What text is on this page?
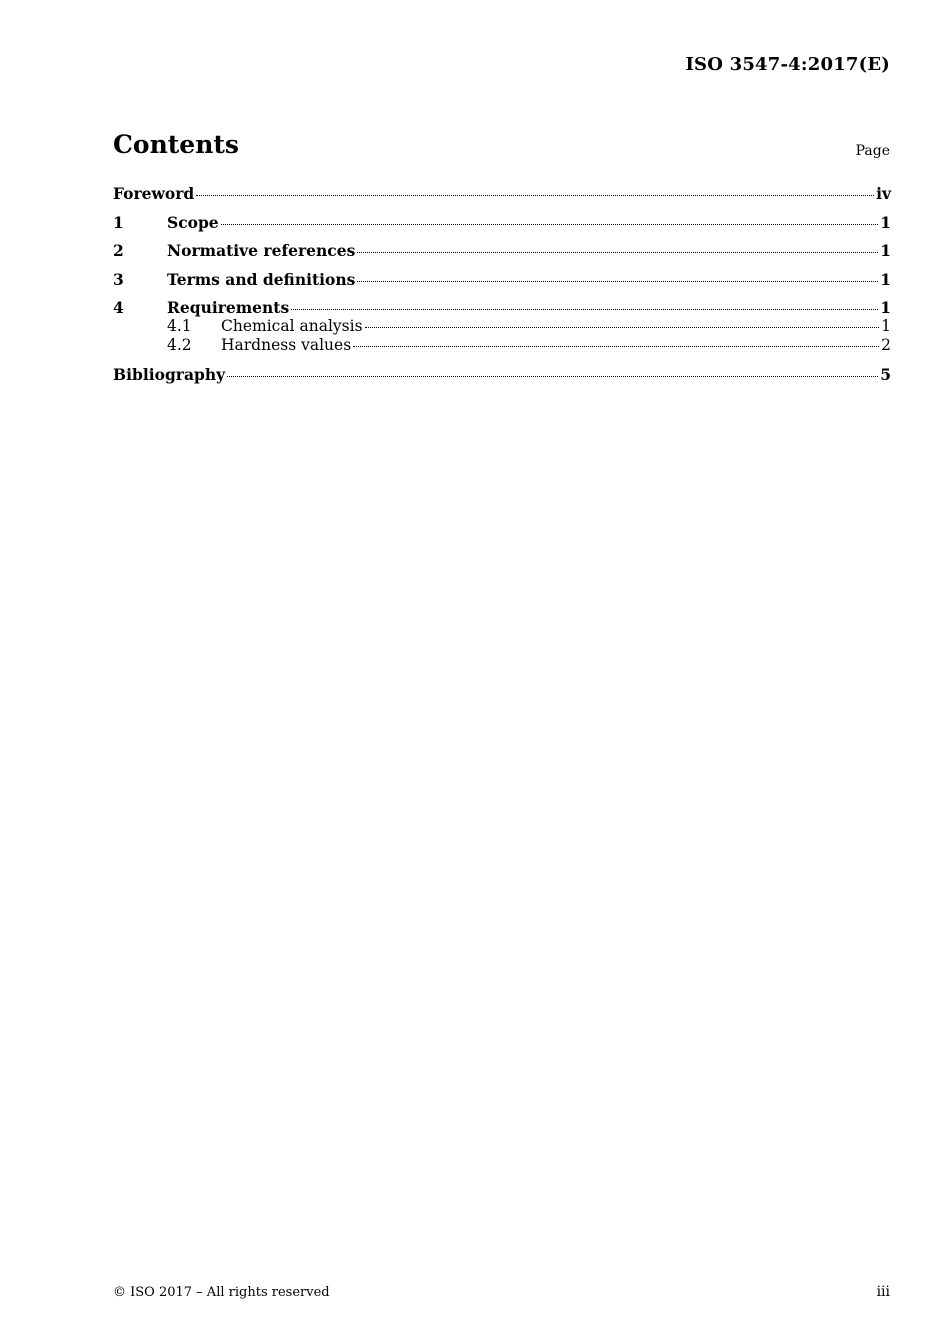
ISO 3547-4:2017(E)
Contents	Page
Foreword	iv
1	Scope	1
2	Normative references	1
3	Terms and definitions	1
4	Requirements	1
4.1	Chemical analysis	1
4.2	Hardness values	2
Bibliography	5
© ISO 2017 – All rights reserved	iii
